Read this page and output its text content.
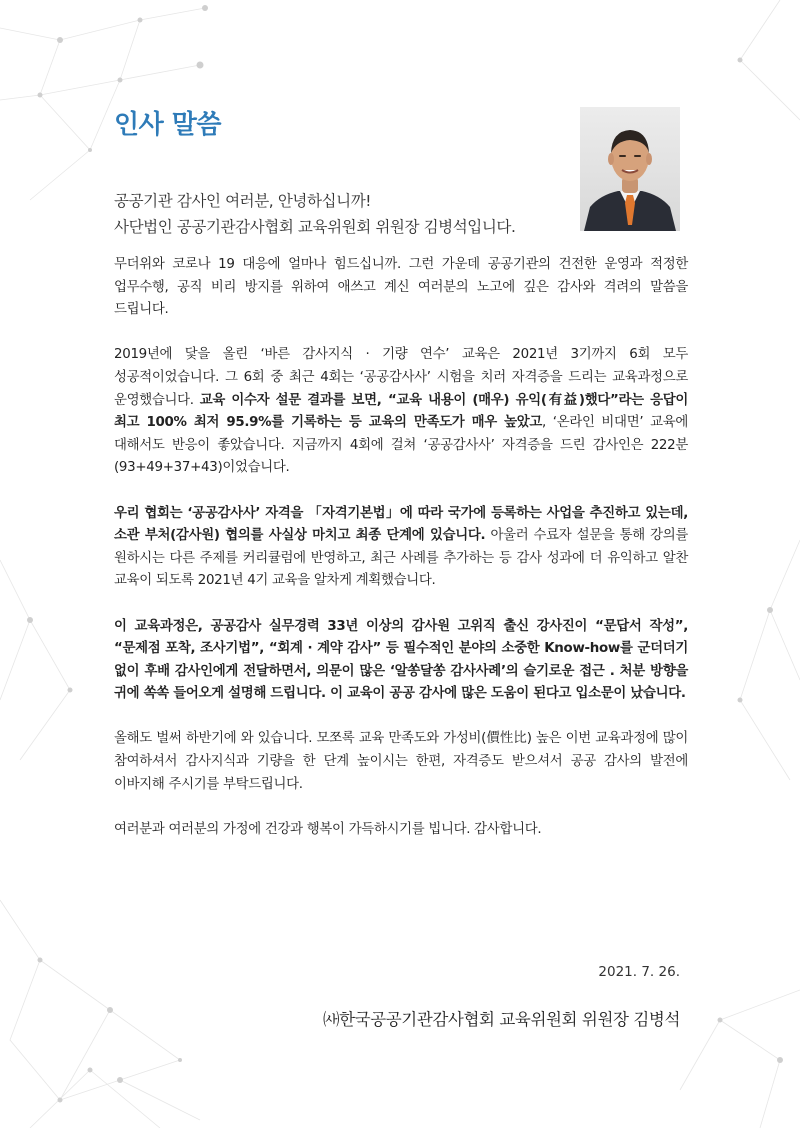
인사 말씀

공공기관 감사인 여러분, 안녕하십니까!

사단법인 공공기관감사협회 교육위원회 위원장 김병석입니다.

무더위와 코로나 19 대응에 얼마나 힘드십니까. 그런 가운데 공공기관의 건전한 운영과 적정한 업무수행, 공직 비리 방지를 위하여 애쓰고 계신 여러분의 노고에 깊은 감사와 격려의 말씀을 드립니다.

2019년에 닻을 올린 ‘바른 감사지식 · 기량 연수’ 교육은 2021년 3기까지 6회 모두 성공적이었습니다. 그 6회 중 최근 4회는 ‘공공감사사’ 시험을 치러 자격증을 드리는 교육과정으로 운영했습니다. 교육 이수자 설문 결과를 보면, “교육 내용이 (매우) 유익(有益)했다”라는 응답이 최고 100% 최저 95.9%를 기록하는 등 교육의 만족도가 매우 높았고, ‘온라인 비대면’ 교육에 대해서도 반응이 좋았습니다. 지금까지 4회에 걸쳐 ‘공공감사사’ 자격증을 드린 감사인은 222분(93+49+37+43)이었습니다.

우리 협회는 ‘공공감사사’ 자격을 「자격기본법」에 따라 국가에 등록하는 사업을 추진하고 있는데, 소관 부처(감사원) 협의를 사실상 마치고 최종 단계에 있습니다. 아울러 수료자 설문을 통해 강의를 원하시는 다른 주제를 커리큘럼에 반영하고, 최근 사례를 추가하는 등 감사 성과에 더 유익하고 알찬 교육이 되도록 2021년 4기 교육을 알차게 계획했습니다.

이 교육과정은, 공공감사 실무경력 33년 이상의 감사원 고위직 출신 강사진이 “문답서 작성”, “문제점 포착, 조사기법”, “회계 · 계약 감사” 등 필수적인 분야의 소중한 Know-how를 군더더기 없이 후배 감사인에게 전달하면서, 의문이 많은 ‘알쏭달쏭 감사사례’의 슬기로운 접근 . 처분 방향을 귀에 쏙쏙 들어오게 설명해 드립니다. 이 교육이 공공 감사에 많은 도움이 된다고 입소문이 났습니다.

올해도 벌써 하반기에 와 있습니다. 모쪼록 교육 만족도와 가성비(價性比) 높은 이번 교육과정에 많이 참여하셔서 감사지식과 기량을 한 단계 높이시는 한편, 자격증도 받으셔서 공공 감사의 발전에 이바지해 주시기를 부탁드립니다.

여러분과 여러분의 가정에 건강과 행복이 가득하시기를 빕니다. 감사합니다.

2021. 7. 26.
㈔한국공공기관감사협회 교육위원회 위원장 김병석
